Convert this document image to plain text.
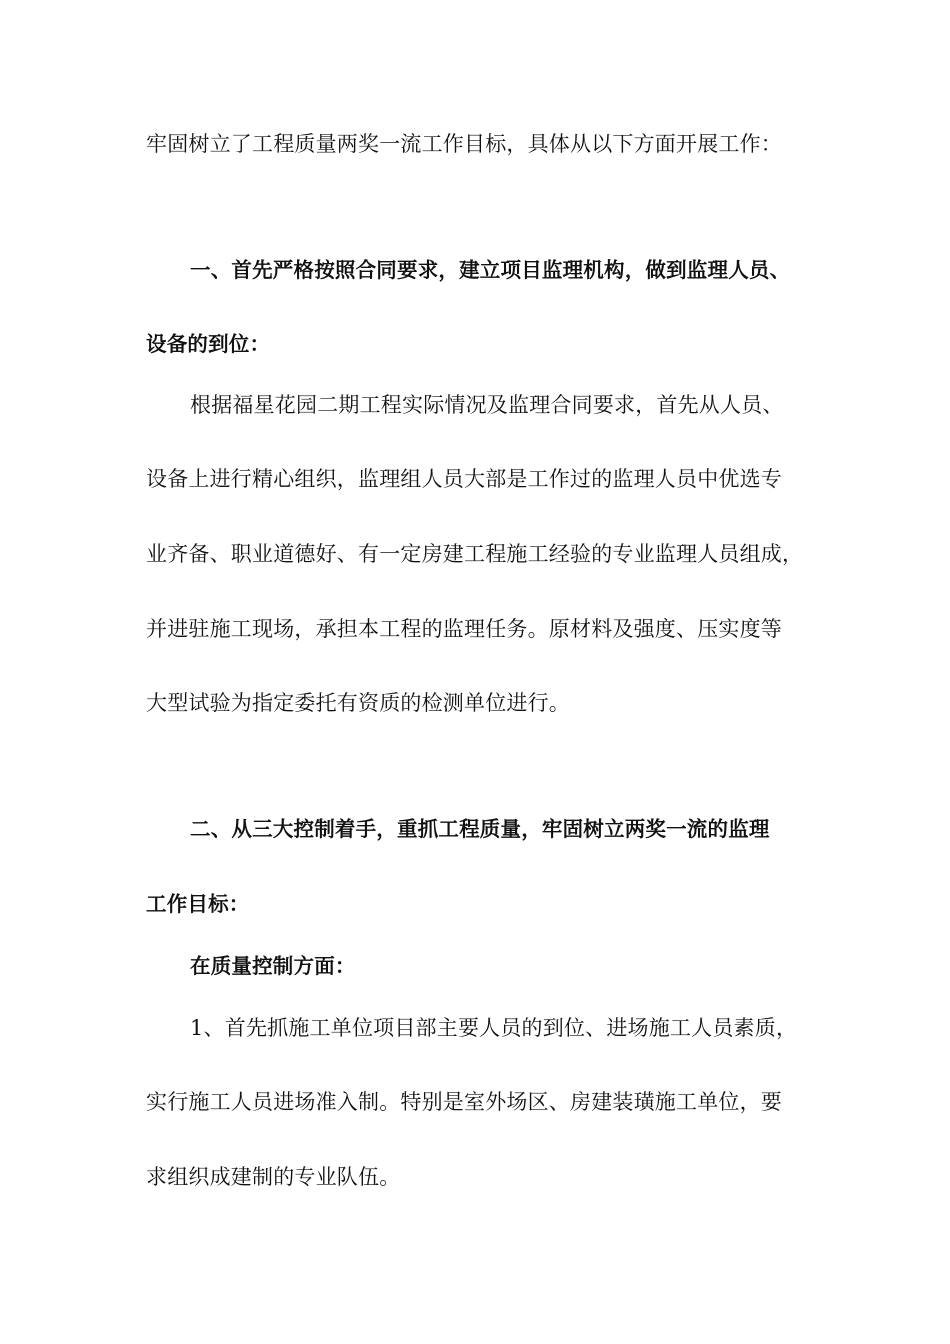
牢固树立了工程质量两奖一流工作目标，具体从以下方面开展工作：
一、首先严格按照合同要求，建立项目监理机构，做到监理人员、
设备的到位：
根据福星花园二期工程实际情况及监理合同要求，首先从人员、
设备上进行精心组织，监理组人员大部是工作过的监理人员中优选专
业齐备、职业道德好、有一定房建工程施工经验的专业监理人员组成，
并进驻施工现场，承担本工程的监理任务。原材料及强度、压实度等
大型试验为指定委托有资质的检测单位进行。
二、从三大控制着手，重抓工程质量，牢固树立两奖一流的监理
工作目标：
在质量控制方面：
1、首先抓施工单位项目部主要人员的到位、进场施工人员素质，
实行施工人员进场准入制。特别是室外场区、房建装璜施工单位，要
求组织成建制的专业队伍。
